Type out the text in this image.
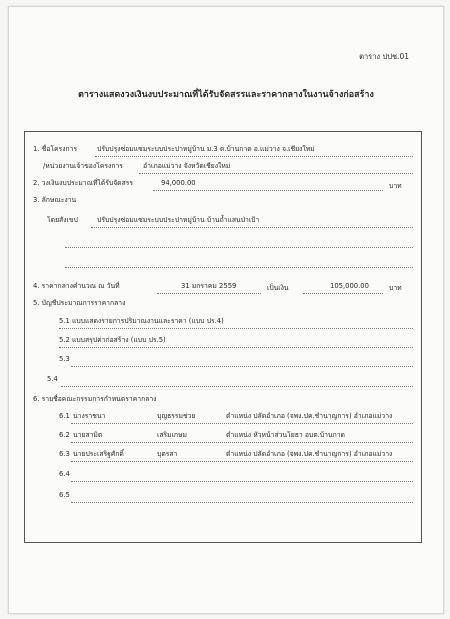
ตาราง ปปช.01
ตารางแสดงวงเงินงบประมาณที่ได้รับจัดสรรและราคากลางในงานจ้างก่อสร้าง
1. ชื่อโครงการ	ปรับปรุงซ่อมแซมระบบประปาหมู่บ้าน ม.3 ต.บ้านกาด อ.แม่วาง จ.เชียงใหม่
/หน่วยงานเจ้าของโครงการ	อำเภอแม่วาง จังหวัดเชียงใหม่
2. วงเงินงบประมาณที่ได้รับจัดสรร	94,000.00	บาท
3. ลักษณะงาน
โดยสังเขป	ปรับปรุงซ่อมแซมระบบประปาหมู่บ้าน บ้านถ้ำแสนป่าเป้า
4. ราคากลางคำนวณ ณ วันที่	31 มกราคม 2559	เป็นเงิน	105,000.00	บาท
5. บัญชีประมาณการราคากลาง
5.1 แบบแสดงรายการปริมาณงานและราคา (แบบ ปร.4)
5.2 แบบสรุปค่าก่อสร้าง (แบบ ปร.5)
5.3
5.4
6. รายชื่อคณะกรรมการกำหนดราคากลาง
6.1 นางราชนา	บุญธรรมช่วย	ตำแหน่ง ปลัดอำเภอ (จพง.ปค.ชำนาญการ) อำเภอแม่วาง
6.2 นายสามิต	เสริมเกษม	ตำแหน่ง หัวหน้าส่วนโยธา อบต.บ้านกาด
6.3 นายประเสริฐศักดิ์	บุตรสา	ตำแหน่ง ปลัดอำเภอ (จพง.ปค.ชำนาญการ) อำเภอแม่วาง
6.4
6.5
